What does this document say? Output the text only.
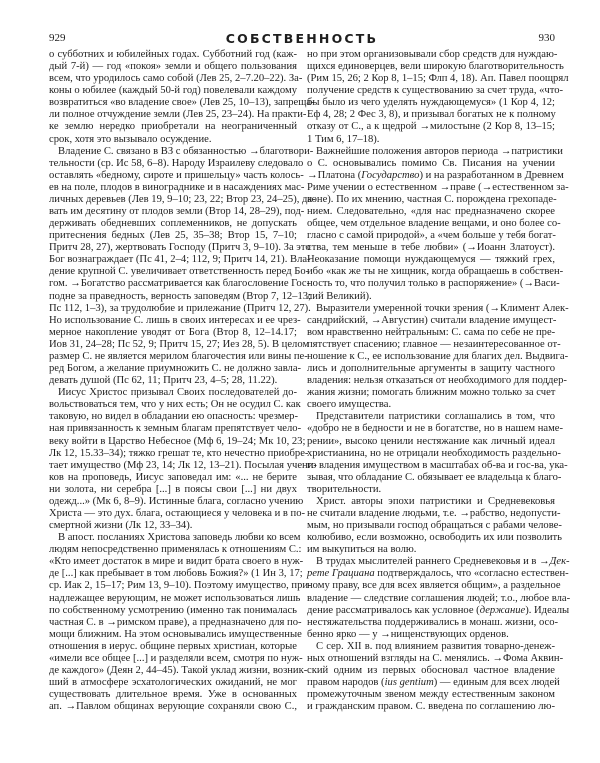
929	СОБСТВЕННОСТЬ	930
о субботних и юбилейных годах. Субботний год (каж-
дый 7-й) — год «покоя» земли и общего пользования
всем, что уродилось само собой (Лев 25, 2–7.20–22). За-
коны о юбилее (каждый 50-й год) повелевали каждому
возвратиться «во владение свое» (Лев 25, 10–13), запреща-
ли полное отчуждение земли (Лев 25, 23–24). На практи-
ке землю нередко приобретали на неограниченный
срок, хотя это вызывало осуждение.
Владение С. связано в ВЗ с обязанностью →благотвори-
тельности (ср. Ис 58, 6–8). Народу Израилеву следовало
оставлять «бедному, сироте и пришельцу» часть колось-
ев на поле, плодов в винограднике и в насаждениях мас-
личных деревьев (Лев 19, 9–10; 23, 22; Втор 23, 24–25), да-
вать им десятину от плодов земли (Втор 14, 28–29), под-
держивать обедневших соплеменников, не допускать
притеснения бедных (Лев 25, 35–38; Втор 15, 7–10;
Притч 28, 27), жертвовать Господу (Притч 3, 9–10). За это
Бог вознаграждает (Пс 41, 2–4; 112, 9; Притч 14, 21). Вла-
дение крупной С. увеличивает ответственность перед Бо-
гом. →Богатство рассматривается как благословение Гос-
подне за праведность, верность заповедям (Втор 7, 12–13;
Пс 112, 1–3), за трудолюбие и прилежание (Притч 12, 27).
Но использование С. лишь в своих интересах и ее чрез-
мерное накопление уводят от Бога (Втор 8, 12–14.17;
Иов 31, 24–28; Пс 52, 9; Притч 15, 27; Иез 28, 5). В целом
размер С. не является мерилом благочестия или вины пе-
ред Богом, а желание приумножить С. не должно завла-
девать душой (Пс 62, 11; Притч 23, 4–5; 28, 11.22).
Иисус Христос призывал Своих последователей до-
вольствоваться тем, что у них есть; Он не осудил С. как
таковую, но видел в обладании ею опасность: чрезмер-
ная привязанность к земным благам препятствует чело-
веку войти в Царство Небесное (Мф 6, 19–24; Мк 10, 23;
Лк 12, 15.33–34); тяжко грешат те, кто нечестно приобре-
тает имущество (Мф 23, 14; Лк 12, 13–21). Посылая учени-
ков на проповедь, Иисус заповедал им: «... не берите
ни золота, ни серебра [...] в поясы свои [...] ни двух
одежд...» (Мк 6, 8–9). Истинные блага, согласно учению
Христа — это дух. блага, остающиеся у человека и в по-
смертной жизни (Лк 12, 33–34).
В апост. посланиях Христова заповедь любви ко всем
людям непосредственно применялась к отношениям С.:
«Кто имеет достаток в мире и видит брата своего в нуж-
де [...] как пребывает в том любовь Божия?» (1 Ин 3, 17;
ср. Иак 2, 15–17; Рим 13, 9–10). Поэтому имущество, при-
надлежащее верующим, не может использоваться лишь
по собственному усмотрению (именно так понималась
частная С. в →римском праве), а предназначено для по-
мощи ближним. На этом основывались имущественные
отношения в иерус. общине первых христиан, которые
«имели все общее [...] и разделяли всем, смотря по нуж-
де каждого» (Деян 2, 44–45). Такой уклад жизни, возник-
ший в атмосфере эсхатологических ожиданий, не мог
существовать длительное время. Уже в основанных
ап. →Павлом общинах верующие сохраняли свою С.,
но при этом организовывали сбор средств для нуждаю-
щихся единоверцев, вели широкую благотворительность
(Рим 15, 26; 2 Кор 8, 1–15; Флп 4, 18). Ап. Павел поощрял
получение средств к существованию за счет труда, «что-
бы было из чего уделять нуждающемуся» (1 Кор 4, 12;
Еф 4, 28; 2 Фес 3, 8), и призывал богатых не к полному
отказу от С., а к щедрой →милостыне (2 Кор 8, 13–15;
1 Тим 6, 17–18).
Важнейшие положения авторов периода →патристики
о С. основывались помимо Св. Писания на учении
→Платона (Государство) и на разработанном в Древнем
Риме учении о естественном →праве (→естественном за-
коне). По их мнению, частная С. порождена грехопаде-
нием. Следовательно, «для нас предназначено скорее
общее, чем отдельное владение вещами, и оно более со-
гласно с самой природой», а «чем больше у тебя богат-
ства, тем меньше в тебе любви» (→Иоанн Златоуст).
Неоказание помощи нуждающемуся — тяжкий грех,
ибо «как же ты не хищник, когда обращаешь в собствен-
ность то, что получил только в распоряжение» (→Васи-
лий Великий).
Выразители умеренной точки зрения (→Климент Алек-
сандрийский, →Августин) считали владение имущест-
вом нравственно нейтральным: С. сама по себе не пре-
пятствует спасению; главное — незаинтересованное от-
ношение к С., ее использование для благих дел. Выдвига-
лись и дополнительные аргументы в защиту частного
владения: нельзя отказаться от необходимого для поддер-
жания жизни; помогать ближним можно только за счет
своего имущества.
Представители патристики соглашались в том, что
«добро не в бедности и не в богатстве, но в нашем наме-
рении», высоко ценили нестяжание как личный идеал
христианина, но не отрицали необходимость раздельно-
го владения имуществом в масштабах об-ва и гос-ва, ука-
зывая, что обладание С. обязывает ее владельца к благо-
творительности.
Христ. авторы эпохи патристики и Средневековья
не считали владение людьми, т.е. →рабство, недопусти-
мым, но призывали господ обращаться с рабами челове-
колюбиво, если возможно, освободить их или позволить
им выкупиться на волю.
В трудах мыслителей раннего Средневековья и в →Дек-
рете Грациана подтверждалось, что «согласно естествен-
ному праву, все для всех является общим», а раздельное
владение — следствие соглашения людей; т.о., любое вла-
дение рассматривалось как условное (держание). Идеалы
нестяжательства поддерживались в монаш. жизни, осо-
бенно ярко — у →нищенствующих орденов.
С сер. XII в. под влиянием развития товарно-денеж-
ных отношений взгляды на С. менялись. →Фома Аквин-
ский одним из первых обосновал частное владение
правом народов (ius gentium) — единым для всех людей
промежуточным звеном между естественным законом
и гражданским правом. С. введена по соглашению лю-
